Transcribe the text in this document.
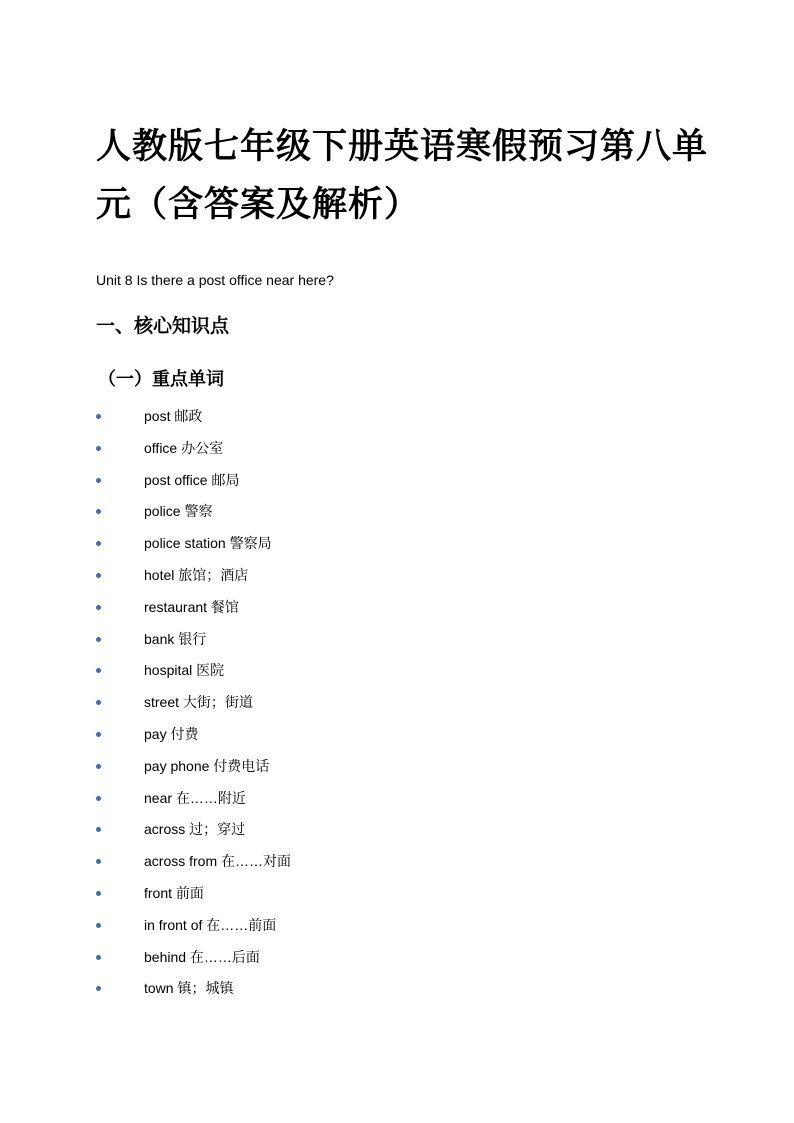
人教版七年级下册英语寒假预习第八单元（含答案及解析）

Unit 8 Is there a post office near here?

一、核心知识点
（一）重点单词
post 邮政
office 办公室
post office 邮局
police 警察
police station 警察局
hotel 旅馆；酒店
restaurant 餐馆
bank 银行
hospital 医院
street 大街；街道
pay 付费
pay phone 付费电话
near 在……附近
across 过；穿过
across from 在……对面
front 前面
in front of 在……前面
behind 在……后面
town 镇；城镇
